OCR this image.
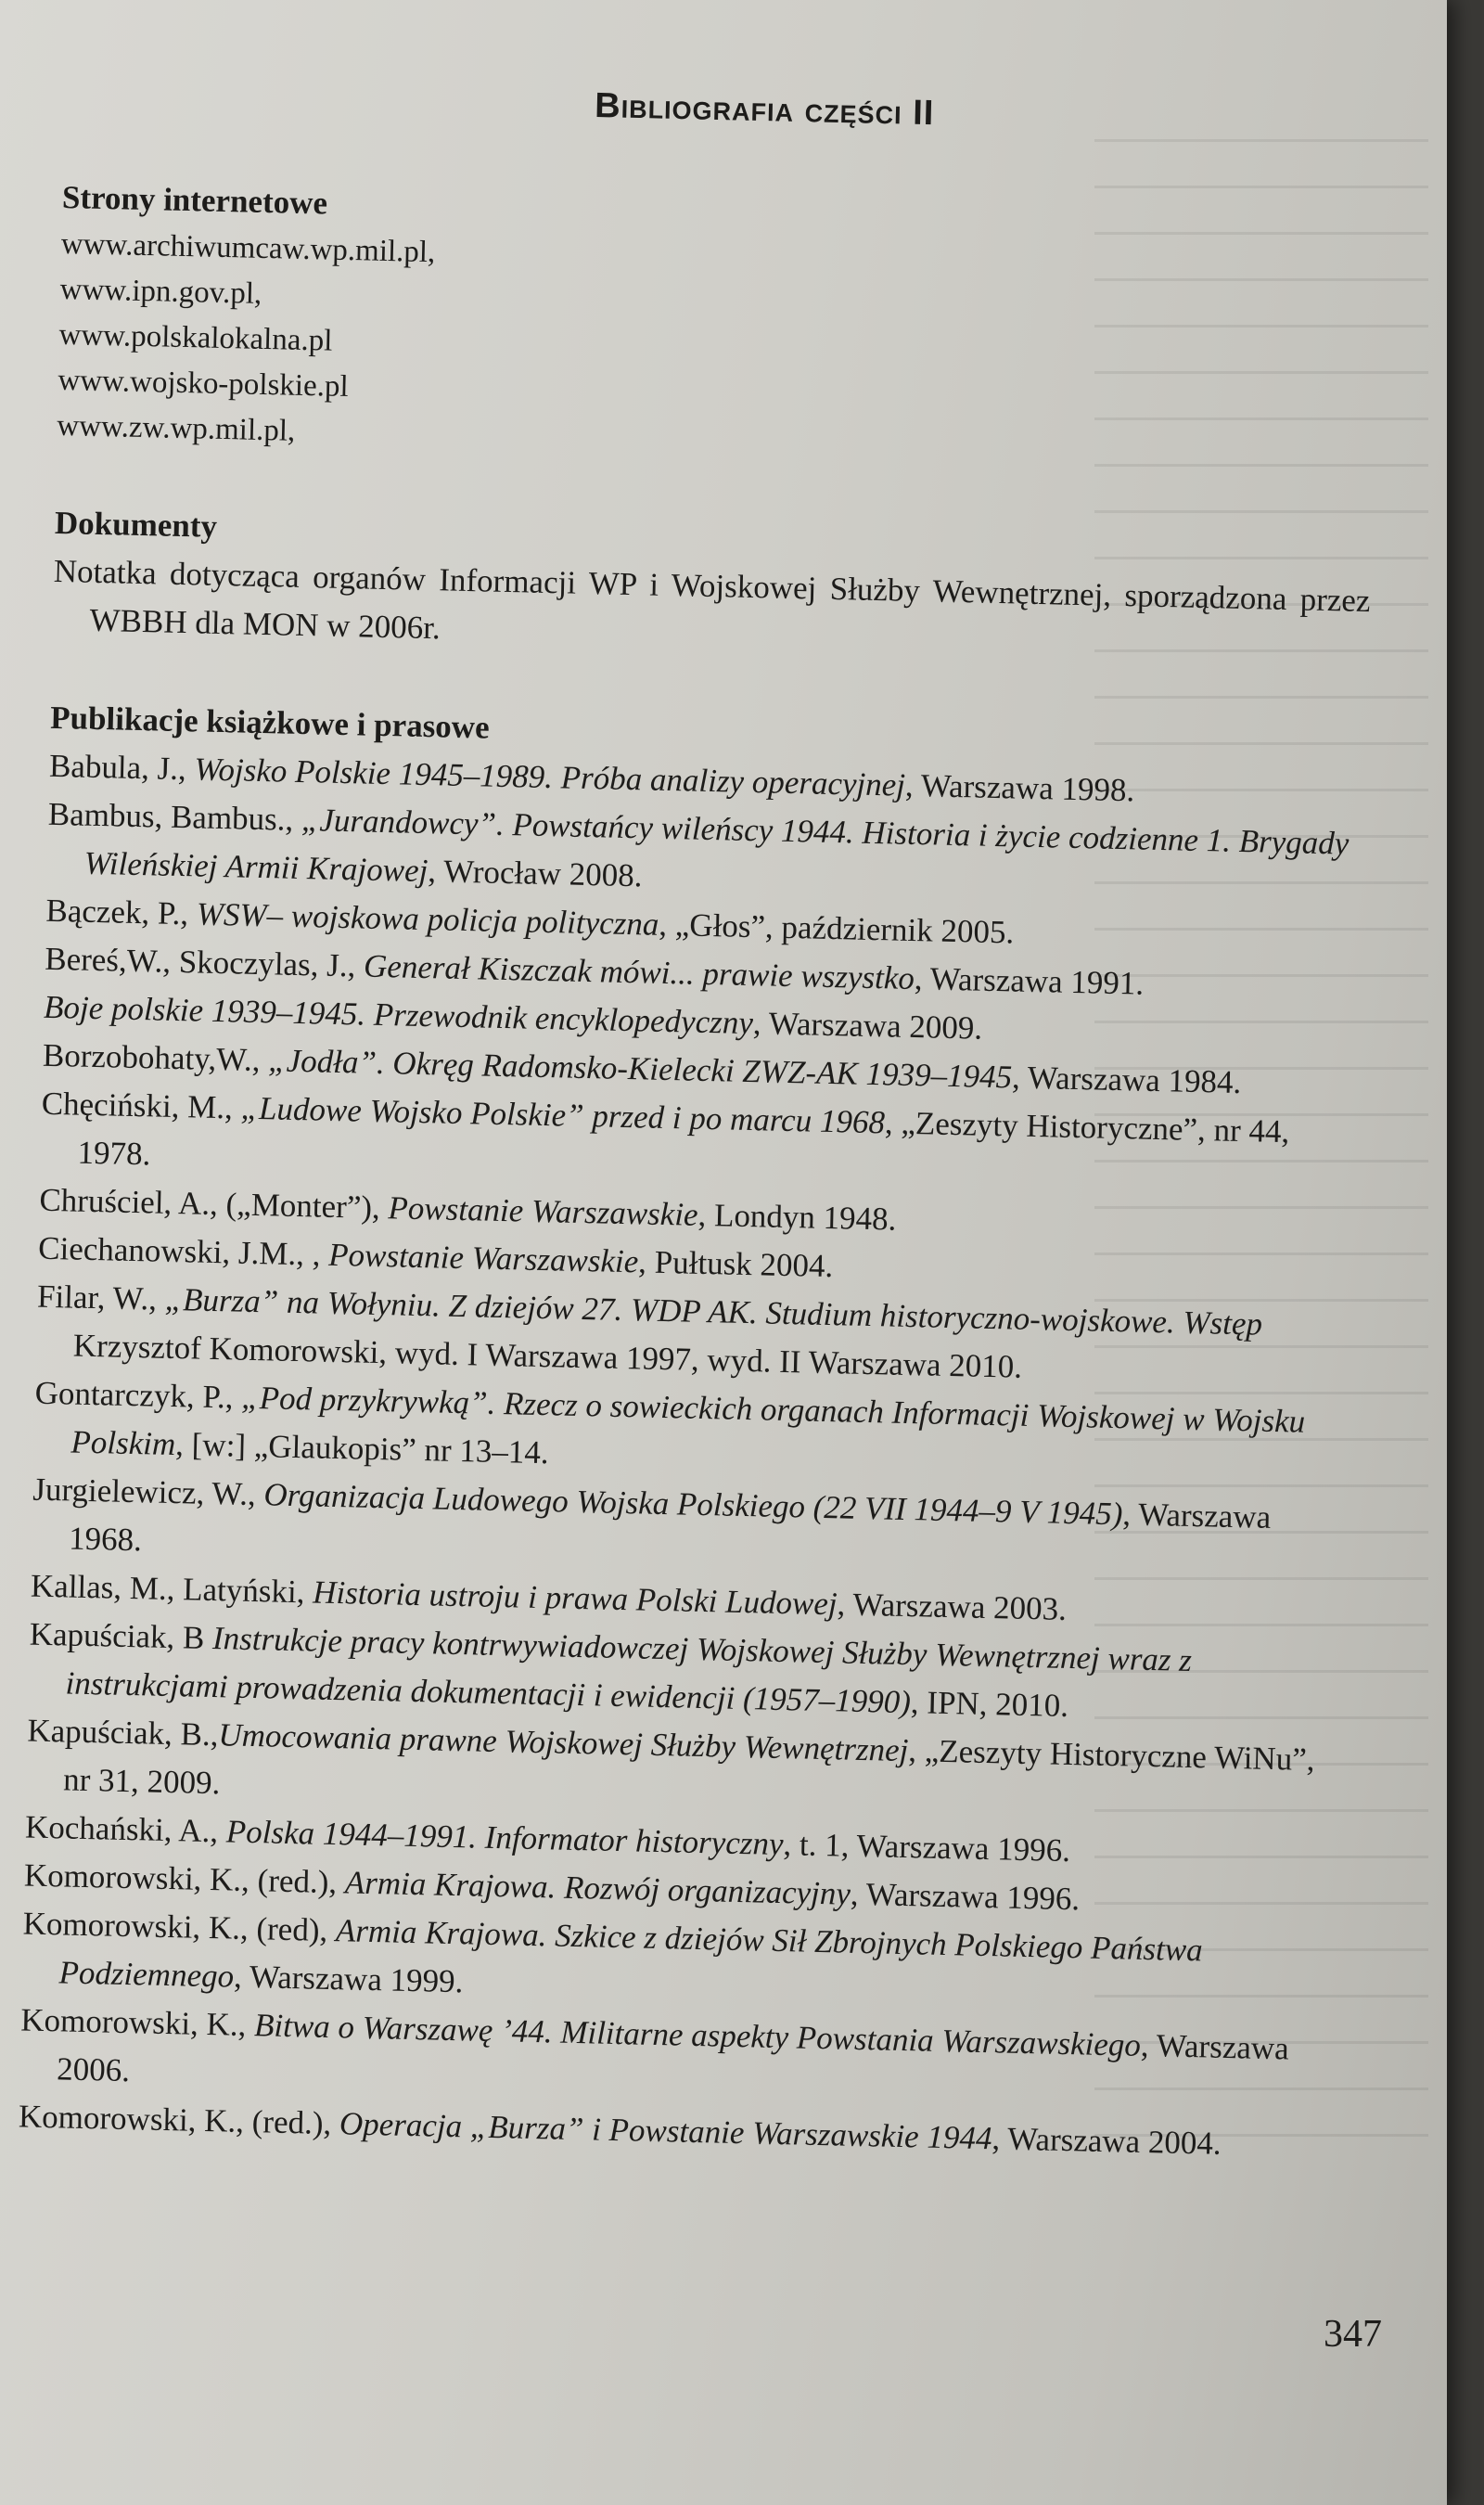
Bibliografia części II
Strony internetowe
www.archiwumcaw.wp.mil.pl,
www.ipn.gov.pl,
www.polskalokalna.pl
www.wojsko-polskie.pl
www.zw.wp.mil.pl,
Dokumenty
Notatka dotycząca organów Informacji WP i Wojskowej Służby Wewnętrznej, sporządzona przez WBBH dla MON w 2006r.
Publikacje książkowe i prasowe

Babula, J., Wojsko Polskie 1945–1989. Próba analizy operacyjnej, Warszawa 1998.

Bambus, Bambus., „Jurandowcy”. Powstańcy wileńscy 1944. Historia i życie codzienne 1. Brygady Wileńskiej Armii Krajowej, Wrocław 2008.

Bączek, P., WSW– wojskowa policja polityczna, „Głos”, październik 2005.

Bereś,W., Skoczylas, J., Generał Kiszczak mówi... prawie wszystko, Warszawa 1991.

Boje polskie 1939–1945. Przewodnik encyklopedyczny, Warszawa 2009.

Borzobohaty,W., „Jodła”. Okręg Radomsko-Kielecki ZWZ-AK 1939–1945, Warszawa 1984.

Chęciński, M., „Ludowe Wojsko Polskie” przed i po marcu 1968, „Zeszyty Historyczne”, nr 44, 1978.

Chruściel, A., („Monter”), Powstanie Warszawskie, Londyn 1948.

Ciechanowski, J.M., , Powstanie Warszawskie, Pułtusk 2004.

Filar, W., „Burza” na Wołyniu. Z dziejów 27. WDP AK. Studium historyczno-wojskowe. Wstęp Krzysztof Komorowski, wyd. I Warszawa 1997, wyd. II Warszawa 2010.

Gontarczyk, P., „Pod przykrywką”. Rzecz o sowieckich organach Informacji Wojskowej w Wojsku Polskim, [w:] „Glaukopis” nr 13–14.

Jurgielewicz, W., Organizacja Ludowego Wojska Polskiego (22 VII 1944–9 V 1945), Warszawa 1968.

Kallas, M., Latyński, Historia ustroju i prawa Polski Ludowej, Warszawa 2003.

Kapuściak, B Instrukcje pracy kontrwywiadowczej Wojskowej Służby Wewnętrznej wraz z instrukcjami prowadzenia dokumentacji i ewidencji (1957–1990), IPN, 2010.

Kapuściak, B.,Umocowania prawne Wojskowej Służby Wewnętrznej, „Zeszyty Historyczne WiNu”, nr 31, 2009.

Kochański, A., Polska 1944–1991. Informator historyczny, t. 1, Warszawa 1996.

Komorowski, K., (red.), Armia Krajowa. Rozwój organizacyjny, Warszawa 1996.

Komorowski, K., (red), Armia Krajowa. Szkice z dziejów Sił Zbrojnych Polskiego Państwa Podziemnego, Warszawa 1999.

Komorowski, K., Bitwa o Warszawę ’44. Militarne aspekty Powstania Warszawskiego, Warszawa 2006.

Komorowski, K., (red.), Operacja „Burza” i Powstanie Warszawskie 1944, Warszawa 2004.

347
